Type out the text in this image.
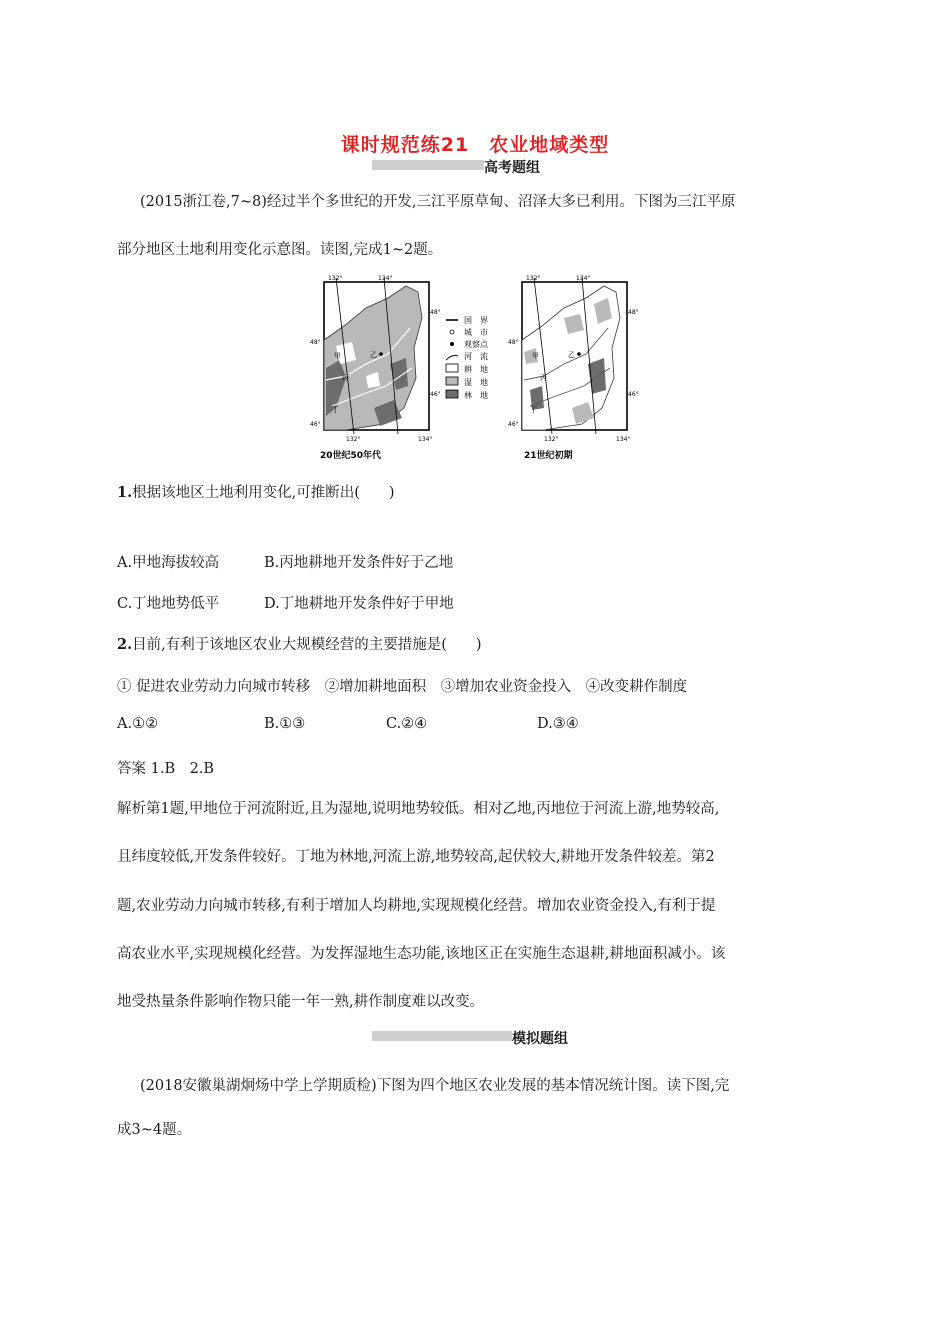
课时规范练21　农业地域类型
高考题组
(2015浙江卷,7~8)经过半个多世纪的开发,三江平原草甸、沼泽大多已利用。下图为三江平原
部分地区土地利用变化示意图。读图,完成1~2题。
132°	134°
132°	134°
48°
46°
48°
46°
甲	乙
丙
丁
20世纪50年代
国　界
城　市
观察点
河　流
耕　地
湿　地
林　地
132°	134°
132°	134°
48°
46°
48°
46°
甲	乙
丙
丁
21世纪初期
1.根据该地区土地利用变化,可推断出(　　)
A.甲地海拔较高	B.丙地耕地开发条件好于乙地
C.丁地地势低平	D.丁地耕地开发条件好于甲地
2.目前,有利于该地区农业大规模经营的主要措施是(　　)
① 促进农业劳动力向城市转移　②增加耕地面积　③增加农业资金投入　④改变耕作制度
A.①②	B.①③	C.②④	D.③④
答案 1.B　2.B
解析第1题,甲地位于河流附近,且为湿地,说明地势较低。相对乙地,丙地位于河流上游,地势较高,
且纬度较低,开发条件较好。丁地为林地,河流上游,地势较高,起伏较大,耕地开发条件较差。第2
题,农业劳动力向城市转移,有利于增加人均耕地,实现规模化经营。增加农业资金投入,有利于提
高农业水平,实现规模化经营。为发挥湿地生态功能,该地区正在实施生态退耕,耕地面积减小。该
地受热量条件影响作物只能一年一熟,耕作制度难以改变。
模拟题组
(2018安徽巢湖炯炀中学上学期质检)下图为四个地区农业发展的基本情况统计图。读下图,完
成3~4题。
